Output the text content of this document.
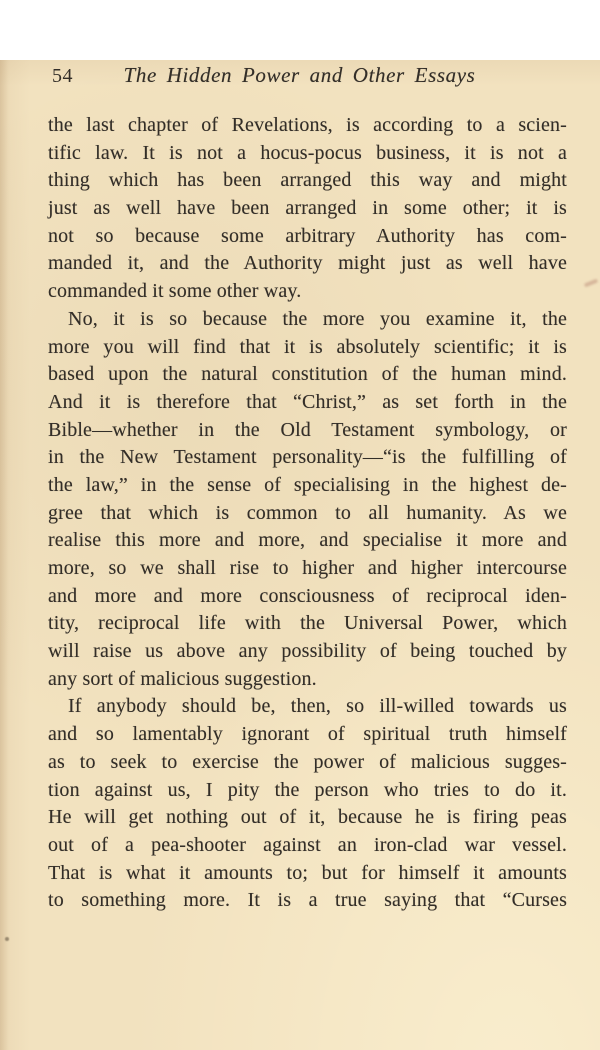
54	The Hidden Power and Other Essays
the last chapter of Revelations, is according to a scien-
tific law. It is not a hocus-pocus business, it is not a
thing which has been arranged this way and might
just as well have been arranged in some other; it is
not so because some arbitrary Authority has com-
manded it, and the Authority might just as well have
commanded it some other way.
No, it is so because the more you examine it, the
more you will find that it is absolutely scientific; it is
based upon the natural constitution of the human mind.
And it is therefore that “Christ,” as set forth in the
Bible—whether in the Old Testament symbology, or
in the New Testament personality—“is the fulfilling of
the law,” in the sense of specialising in the highest de-
gree that which is common to all humanity. As we
realise this more and more, and specialise it more and
more, so we shall rise to higher and higher intercourse
and more and more consciousness of reciprocal iden-
tity, reciprocal life with the Universal Power, which
will raise us above any possibility of being touched by
any sort of malicious suggestion.
If anybody should be, then, so ill-willed towards us
and so lamentably ignorant of spiritual truth himself
as to seek to exercise the power of malicious sugges-
tion against us, I pity the person who tries to do it.
He will get nothing out of it, because he is firing peas
out of a pea-shooter against an iron-clad war vessel.
That is what it amounts to; but for himself it amounts
to something more. It is a true saying that “Curses
